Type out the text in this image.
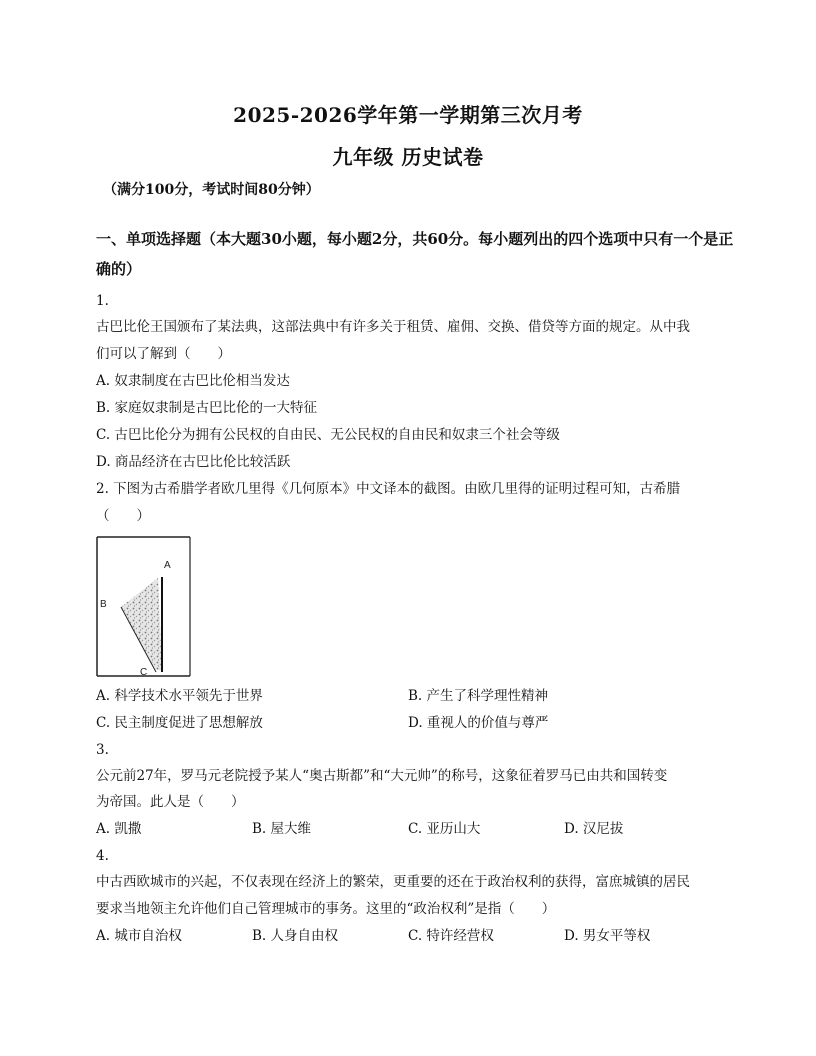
2025-2026学年第一学期第三次月考
九年级 历史试卷
（满分100分，考试时间80分钟）
一、单项选择题（本大题30小题，每小题2分，共60分。每小题列出的四个选项中只有一个是正确的）
1.
古巴比伦王国颁布了某法典，这部法典中有许多关于租赁、雇佣、交换、借贷等方面的规定。从中我
们可以了解到（　　）
A. 奴隶制度在古巴比伦相当发达
B. 家庭奴隶制是古巴比伦的一大特征
C. 古巴比伦分为拥有公民权的自由民、无公民权的自由民和奴隶三个社会等级
D. 商品经济在古巴比伦比较活跃
2. 下图为古希腊学者欧几里得《几何原本》中文译本的截图。由欧几里得的证明过程可知，古希腊
（　　）
A
B
C
A. 科学技术水平领先于世界	B. 产生了科学理性精神
C. 民主制度促进了思想解放	D. 重视人的价值与尊严
3.
公元前27年，罗马元老院授予某人“奥古斯都”和“大元帅”的称号，这象征着罗马已由共和国转变
为帝国。此人是（　　）
A. 凯撒	B. 屋大维	C. 亚历山大	D. 汉尼拔
4.
中古西欧城市的兴起，不仅表现在经济上的繁荣，更重要的还在于政治权利的获得，富庶城镇的居民
要求当地领主允许他们自己管理城市的事务。这里的“政治权利”是指（　　）
A. 城市自治权	B. 人身自由权	C. 特许经营权	D. 男女平等权
